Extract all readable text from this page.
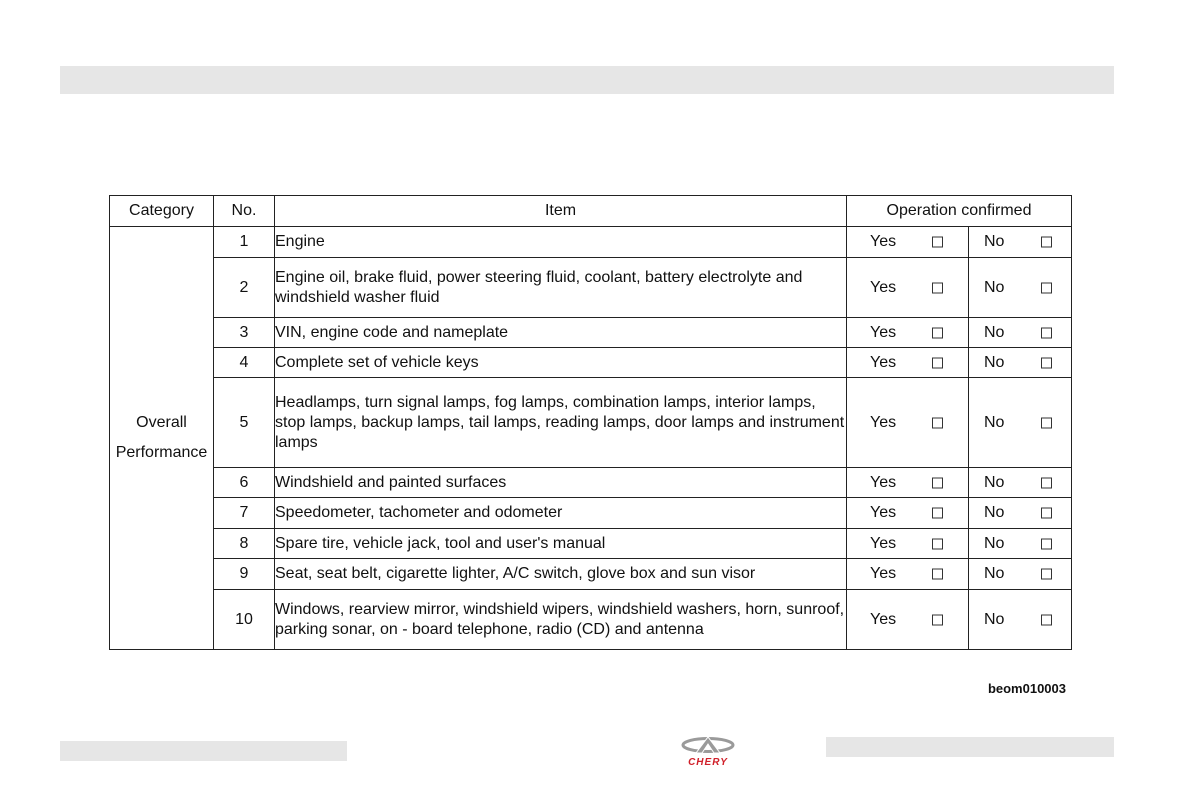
Category	No.	Item	Operation confirmed	

Overall
Performance	1	Engine	Yes	No

	2	Engine oil, brake fluid, power steering fluid, coolant, battery electrolyte and windshield washer fluid	Yes	No

	3	VIN, engine code and nameplate	Yes	No

	4	Complete set of vehicle keys	Yes	No

	5	Headlamps, turn signal lamps, fog lamps, combination lamps, interior lamps, stop lamps, backup lamps, tail lamps, reading lamps, door lamps and instrument lamps	Yes	No

	6	Windshield and painted surfaces	Yes	No

	7	Speedometer, tachometer and odometer	Yes	No

	8	Spare tire, vehicle jack, tool and user's manual	Yes	No

	9	Seat, seat belt, cigarette lighter, A/C switch, glove box and sun visor	Yes	No

	10	Windows, rearview mirror, windshield wipers, windshield washers, horn, sunroof, parking sonar, on - board telephone, radio (CD) and antenna	Yes	No
beom010003
CHERY
